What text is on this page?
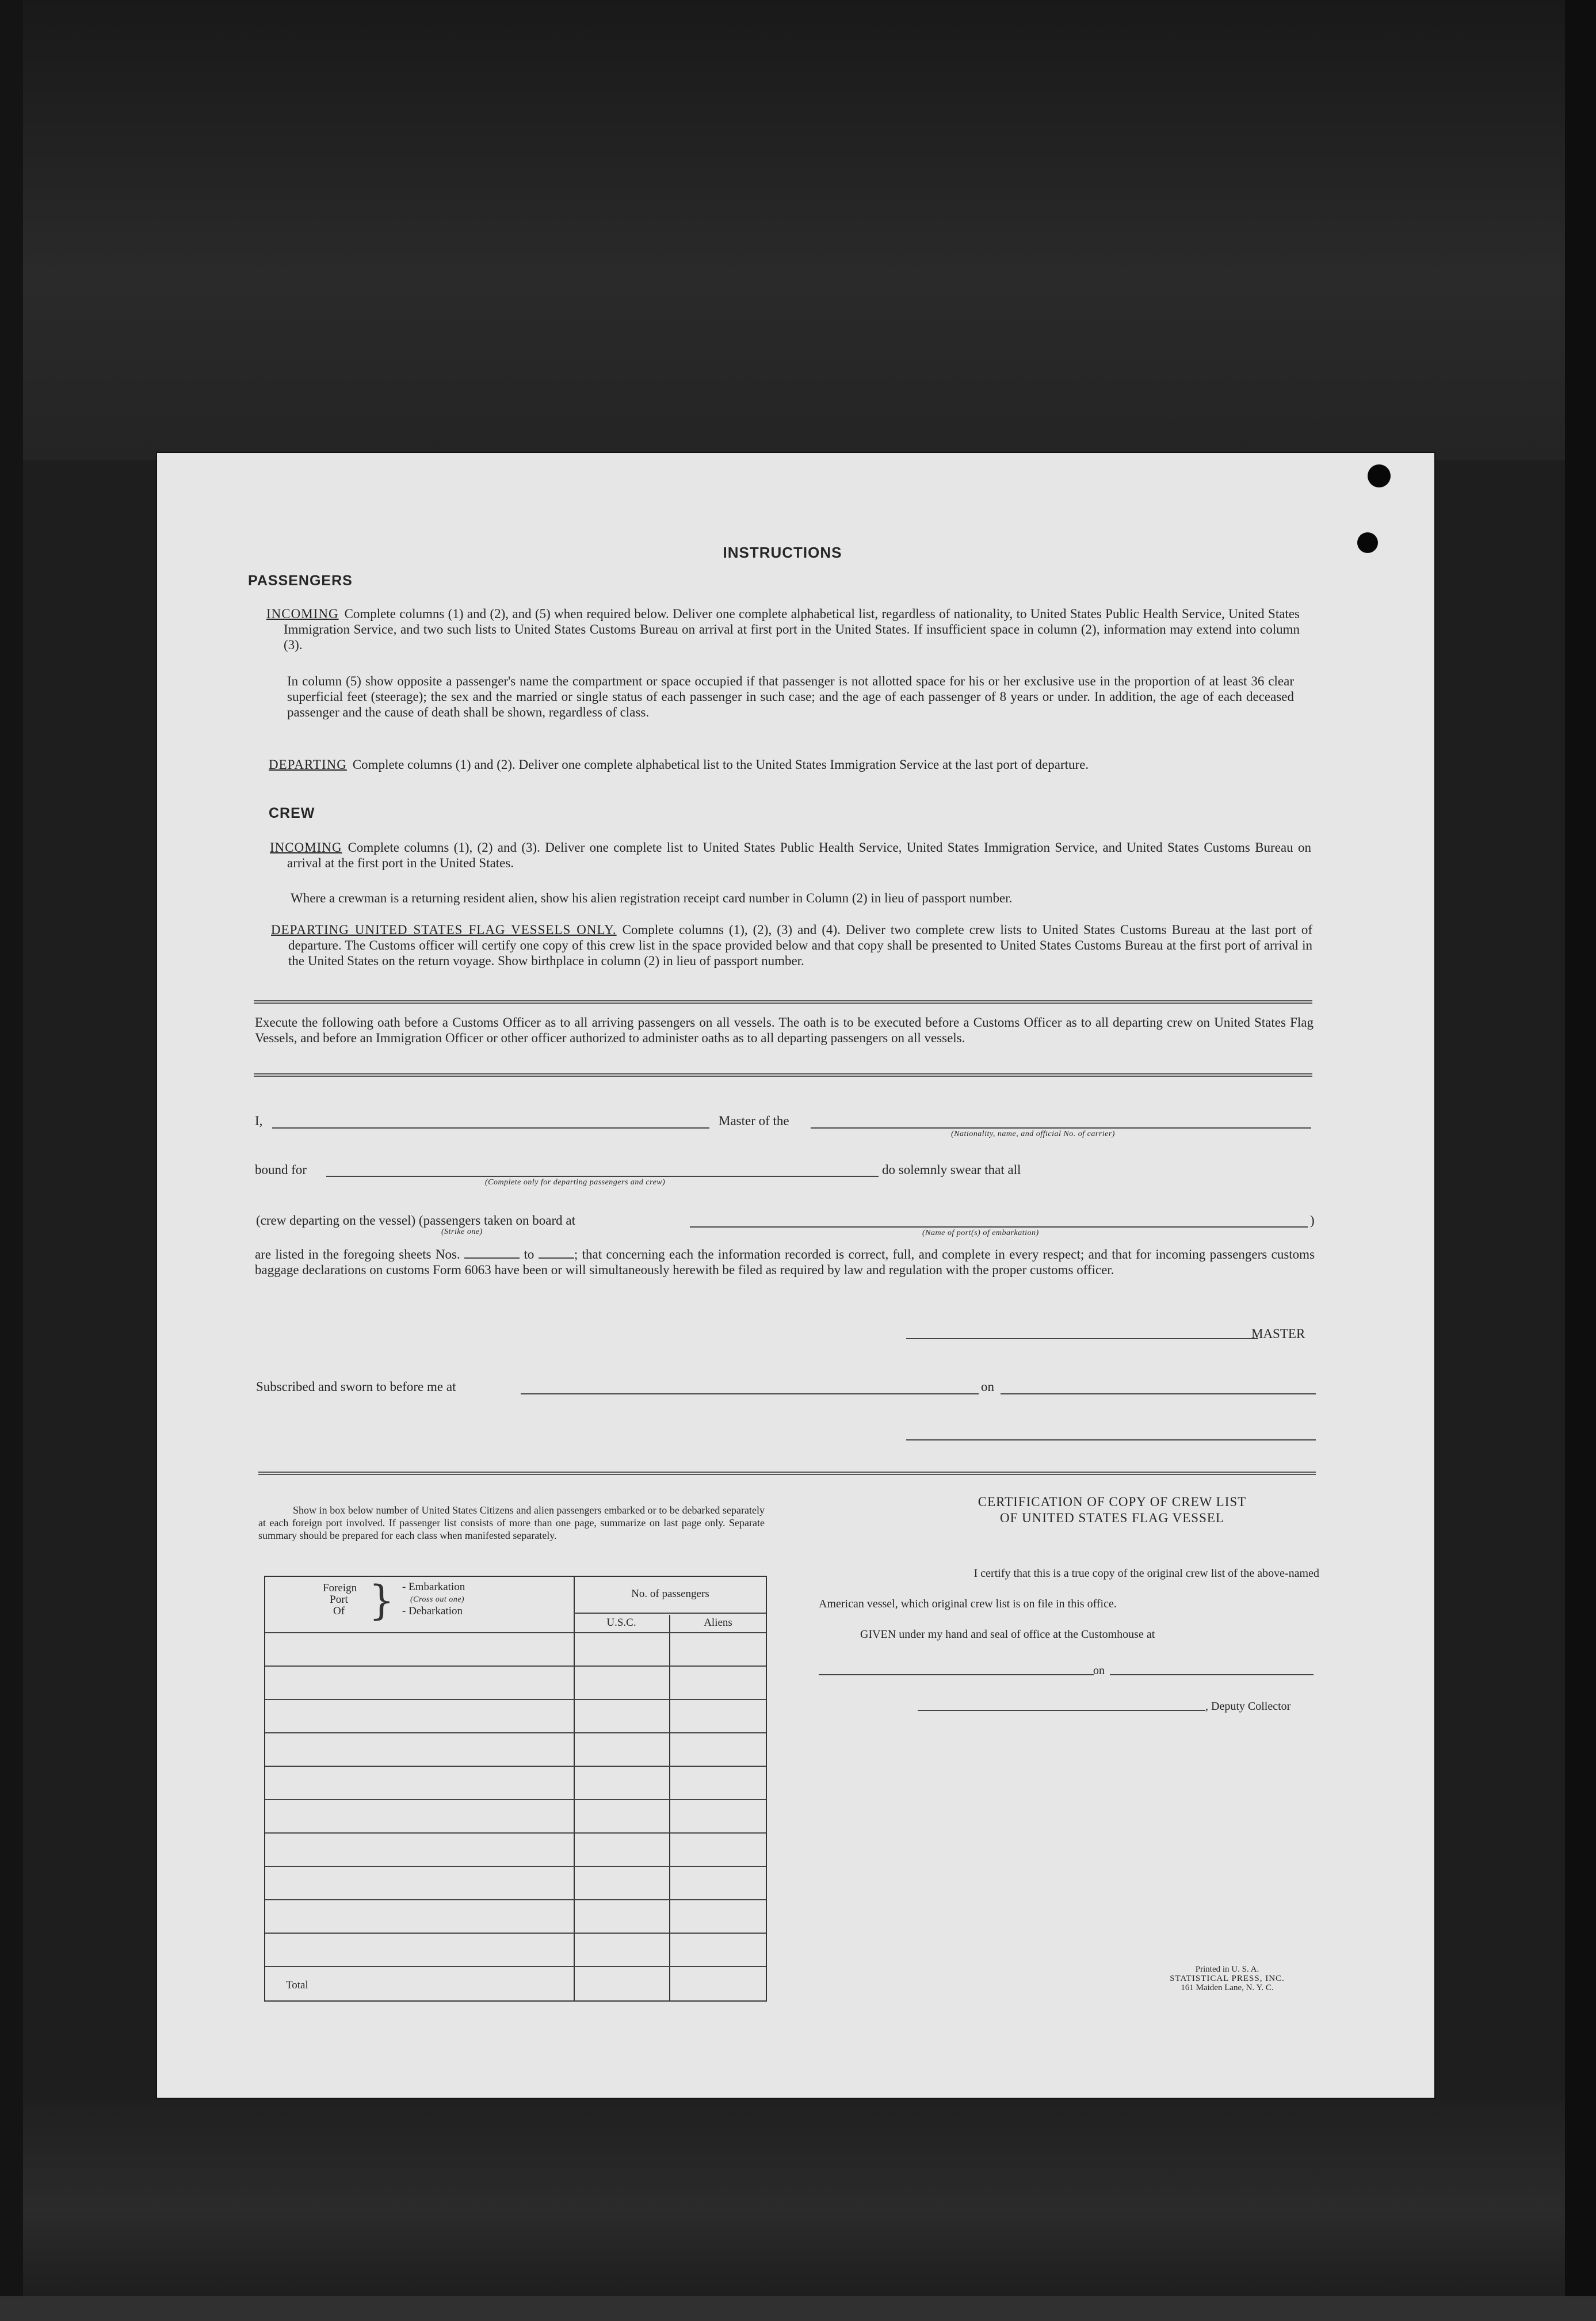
INSTRUCTIONS
PASSENGERS
INCOMING Complete columns (1) and (2), and (5) when required below. Deliver one complete alphabetical list, regardless of nationality, to United States Public Health Service, United States Immigration Service, and two such lists to United States Customs Bureau on arrival at first port in the United States. If insufficient space in column (2), information may extend into column (3).
In column (5) show opposite a passenger's name the compartment or space occupied if that passenger is not allotted space for his or her exclusive use in the proportion of at least 36 clear superficial feet (steerage); the sex and the married or single status of each passenger in such case; and the age of each passenger of 8 years or under. In addition, the age of each deceased passenger and the cause of death shall be shown, regardless of class.
DEPARTING Complete columns (1) and (2). Deliver one complete alphabetical list to the United States Immigration Service at the last port of departure.
CREW
INCOMING Complete columns (1), (2) and (3). Deliver one complete list to United States Public Health Service, United States Immigration Service, and United States Customs Bureau on arrival at the first port in the United States.
Where a crewman is a returning resident alien, show his alien registration receipt card number in Column (2) in lieu of passport number.
DEPARTING UNITED STATES FLAG VESSELS ONLY. Complete columns (1), (2), (3) and (4). Deliver two complete crew lists to United States Customs Bureau at the last port of departure. The Customs officer will certify one copy of this crew list in the space provided below and that copy shall be presented to United States Customs Bureau at the first port of arrival in the United States on the return voyage. Show birthplace in column (2) in lieu of passport number.
Execute the following oath before a Customs Officer as to all arriving passengers on all vessels. The oath is to be executed before a Customs Officer as to all departing crew on United States Flag Vessels, and before an Immigration Officer or other officer authorized to administer oaths as to all departing passengers on all vessels.
I,	Master of the
(Nationality, name, and official No. of carrier)
bound for
(Complete only for departing passengers and crew)
do solemnly swear that all
(crew departing on the vessel) (passengers taken on board at
(Strike one)	(Name of port(s) of embarkation)
)
are listed in the foregoing sheets Nos.	to	; that concerning each the information recorded is correct, full, and complete in every respect; and that for incoming passengers customs baggage declarations on customs Form 6063 have been or will simultaneously herewith be filed as required by law and regulation with the proper customs officer.
MASTER
Subscribed and sworn to before me at	on
Show in box below number of United States Citizens and alien passengers embarked or to be debarked separately at each foreign port involved. If passenger list consists of more than one page, summarize on last page only. Separate summary should be prepared for each class when manifested separately.
Foreign Port Of } - Embarkation
(Cross out one)
- Debarkation
No. of passengers
U.S.C.	Aliens
Total
CERTIFICATION OF COPY OF CREW LIST
OF UNITED STATES FLAG VESSEL
I certify that this is a true copy of the original crew list of the above-named
American vessel, which original crew list is on file in this office.
GIVEN under my hand and seal of office at the Customhouse at
on
, Deputy Collector
Printed in U. S. A.
STATISTICAL PRESS, INC.
161 Maiden Lane, N. Y. C.
